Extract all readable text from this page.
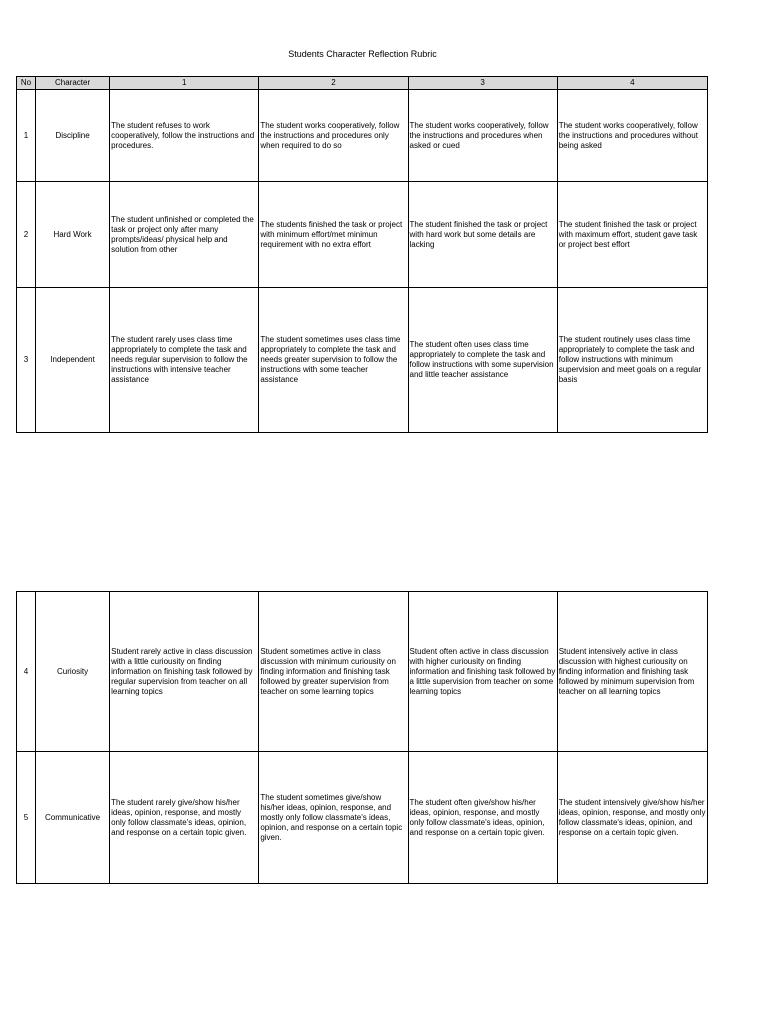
Students Character Reflection Rubric
No	Character	1	2	3	4
1	Discipline	The student refuses to work cooperatively, follow the instructions and procedures.	The student works cooperatively, follow the instructions and procedures only when required to do so	The student works cooperatively, follow the instructions and procedures when asked or cued	The student works cooperatively, follow the instructions and procedures without being asked
2	Hard Work	The student unfinished or completed the task or project only after many prompts/ideas/ physical help and solution from other	The students finished the task or project with minimum effort/met minimun requirement with no extra effort	The student finished the task or project with hard work but some details are lacking	The student finished the task or project with maximum effort, student gave task or project best effort
3	Independent	The student rarely uses class time appropriately to complete the task and needs regular supervision to follow the instructions with intensive teacher assistance	The student sometimes uses class time appropriately to complete the task and needs greater supervision to follow the instructions with some teacher assistance	The student often uses class time appropriately to complete the task and follow instructions with some supervision and little teacher assistance	The student routinely uses class time appropriately to complete the task and follow instructions with minimum supervision and meet goals on a regular basis
4	Curiosity	Student rarely active in class discussion with a little curiousity on finding information on finishing task followed by regular supervision from teacher on all learning topics	Student sometimes active in class discussion with minimum curiousity on finding information and finishing task followed by greater supervision from teacher on some learning topics	Student often active in class discussion with higher curiousity on finding information and finishing task followed by a little supervision from teacher on some learning topics	Student intensively active in class discussion with highest curiousity on finding information and finishing task followed by minimum supervision from teacher on all learning topics
5	Communicative	The student rarely give/show his/her ideas, opinion, response, and mostly only follow classmate's ideas, opinion, and response on a certain topic given.	The student sometimes give/show his/her ideas, opinion, response, and mostly only follow classmate's ideas, opinion, and response on a certain topic given.	The student often give/show his/her ideas, opinion, response, and mostly only follow classmate's ideas, opinion, and response on a certain topic given.	The student intensively give/show his/her ideas, opinion, response, and mostly only follow classmate's ideas, opinion, and response on a certain topic given.
